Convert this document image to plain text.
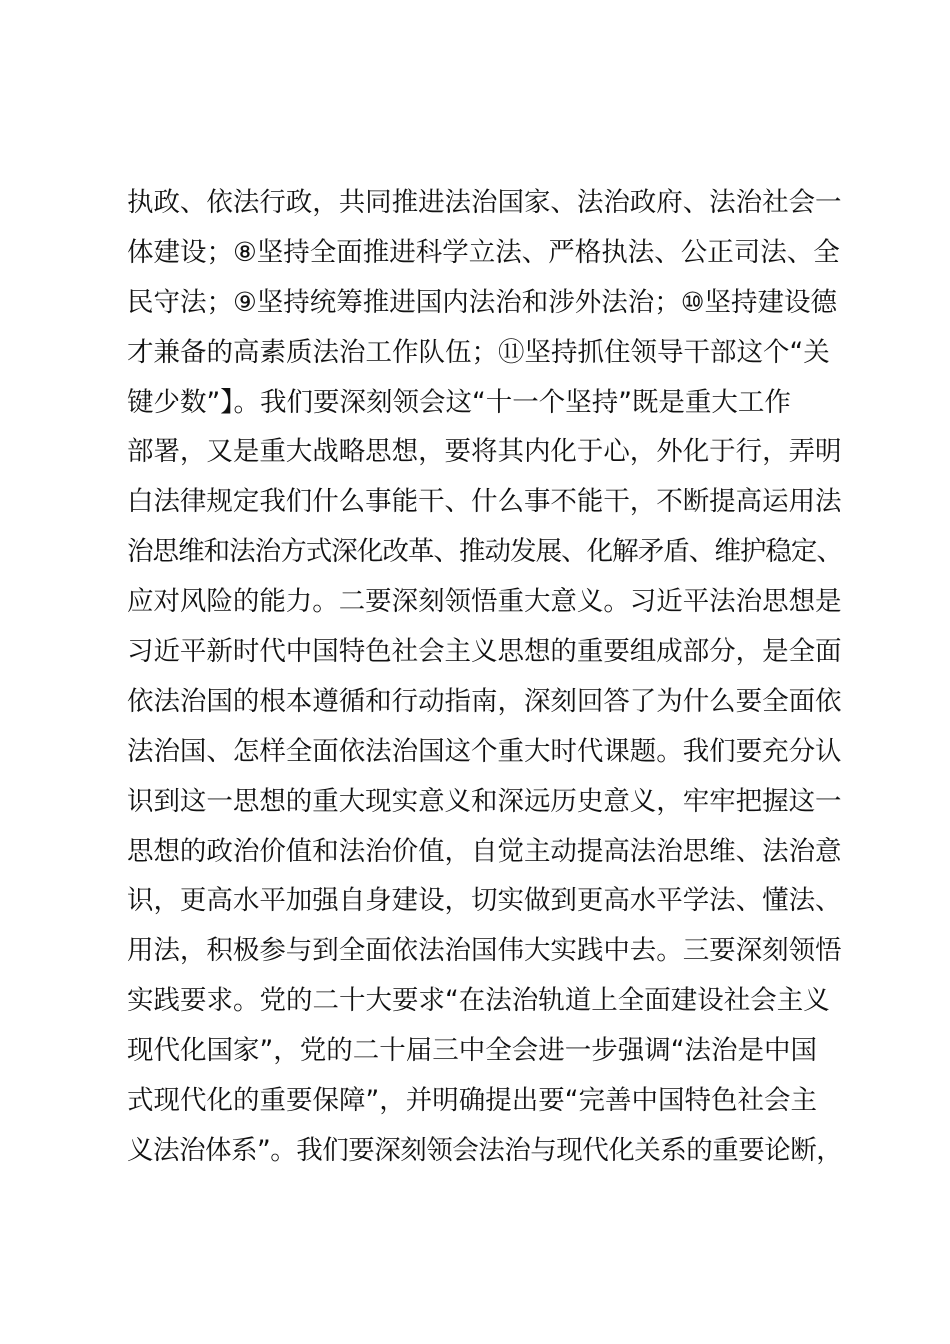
执政、依法行政，共同推进法治国家、法治政府、法治社会一
体建设；⑧坚持全面推进科学立法、严格执法、公正司法、全
民守法；⑨坚持统筹推进国内法治和涉外法治；⑩坚持建设德
才兼备的高素质法治工作队伍；⑪坚持抓住领导干部这个“关
键少数”】。我们要深刻领会这“十一个坚持”既是重大工作
部署，又是重大战略思想，要将其内化于心，外化于行，弄明
白法律规定我们什么事能干、什么事不能干，不断提高运用法
治思维和法治方式深化改革、推动发展、化解矛盾、维护稳定、
应对风险的能力。二要深刻领悟重大意义。习近平法治思想是
习近平新时代中国特色社会主义思想的重要组成部分，是全面
依法治国的根本遵循和行动指南，深刻回答了为什么要全面依
法治国、怎样全面依法治国这个重大时代课题。我们要充分认
识到这一思想的重大现实意义和深远历史意义，牢牢把握这一
思想的政治价值和法治价值，自觉主动提高法治思维、法治意
识，更高水平加强自身建设，切实做到更高水平学法、懂法、
用法，积极参与到全面依法治国伟大实践中去。三要深刻领悟
实践要求。党的二十大要求“在法治轨道上全面建设社会主义
现代化国家”，党的二十届三中全会进一步强调“法治是中国
式现代化的重要保障”，并明确提出要“完善中国特色社会主
义法治体系”。我们要深刻领会法治与现代化关系的重要论断，
